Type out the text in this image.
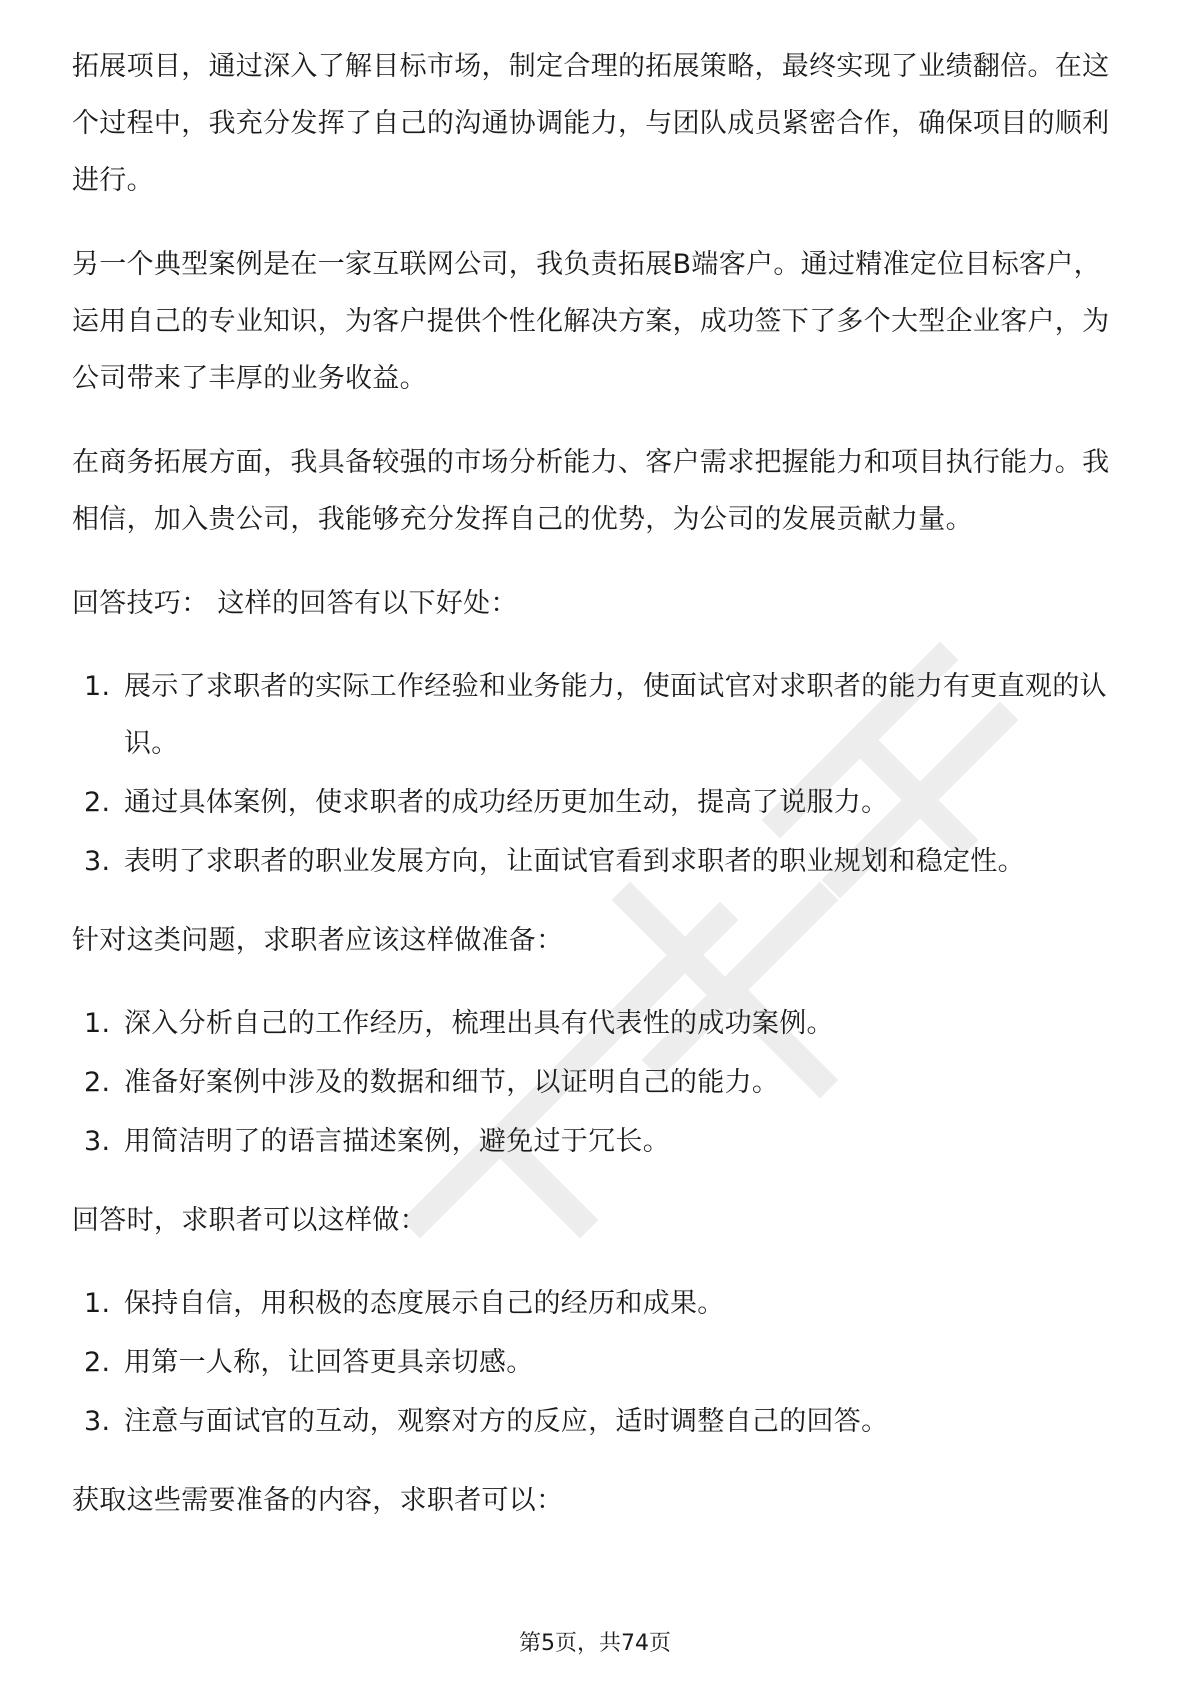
拓展项目，通过深入了解目标市场，制定合理的拓展策略，最终实现了业绩翻倍。在这个过程中，我充分发挥了自己的沟通协调能力，与团队成员紧密合作，确保项目的顺利进行。

另一个典型案例是在一家互联网公司，我负责拓展B端客户。通过精准定位目标客户，运用自己的专业知识，为客户提供个性化解决方案，成功签下了多个大型企业客户，为公司带来了丰厚的业务收益。

在商务拓展方面，我具备较强的市场分析能力、客户需求把握能力和项目执行能力。我相信，加入贵公司，我能够充分发挥自己的优势，为公司的发展贡献力量。

回答技巧： 这样的回答有以下好处：

1. 展示了求职者的实际工作经验和业务能力，使面试官对求职者的能力有更直观的认识。
2. 通过具体案例，使求职者的成功经历更加生动，提高了说服力。
3. 表明了求职者的职业发展方向，让面试官看到求职者的职业规划和稳定性。

针对这类问题，求职者应该这样做准备：

1. 深入分析自己的工作经历，梳理出具有代表性的成功案例。
2. 准备好案例中涉及的数据和细节，以证明自己的能力。
3. 用简洁明了的语言描述案例，避免过于冗长。

回答时，求职者可以这样做：

1. 保持自信，用积极的态度展示自己的经历和成果。
2. 用第一人称，让回答更具亲切感。
3. 注意与面试官的互动，观察对方的反应，适时调整自己的回答。

获取这些需要准备的内容，求职者可以：

第5页，共74页
